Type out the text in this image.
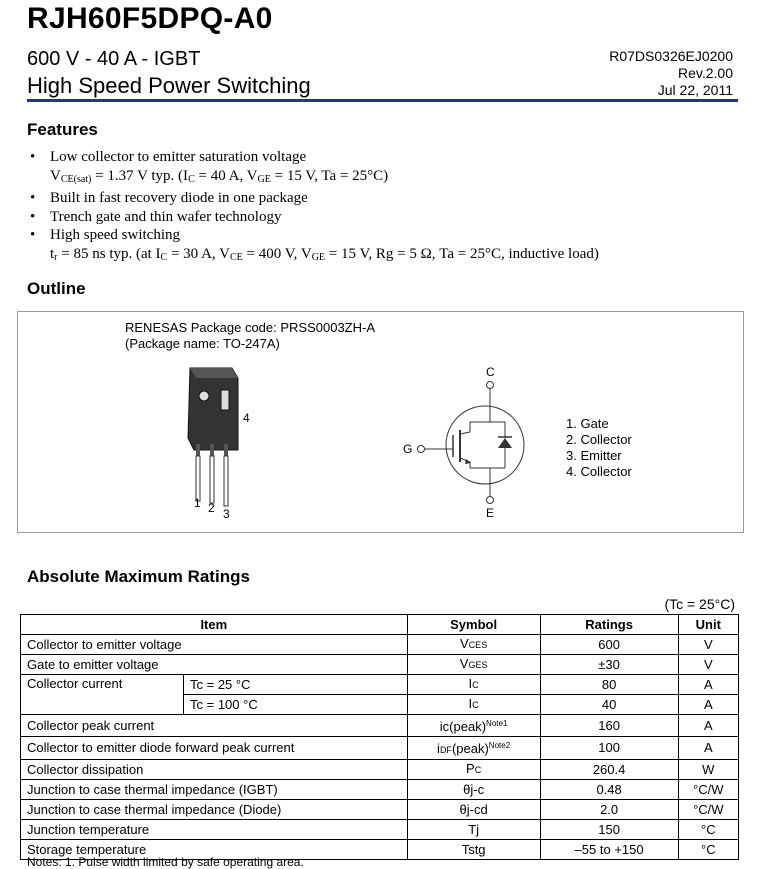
RJH60F5DPQ-A0
600 V - 40 A - IGBT
High Speed Power Switching
R07DS0326EJ0200
Rev.2.00
Jul 22, 2011
Features
• Low collector to emitter saturation voltage
$V_{CE(sat)} = 1.37$ V typ. ($I_C = 40$ A, $V_{GE} = 15$ V, Ta = 25°C)
• Built in fast recovery diode in one package
• Trench gate and thin wafer technology
• High speed switching
$t_r = 85$ ns typ. (at $I_C = 30$ A, $V_{CE} = 400$ V, $V_{GE} = 15$ V, Rg = 5 Ω, Ta = 25°C, inductive load)
Outline
RENESAS Package code: PRSS0003ZH-A
(Package name: TO-247A)
1 2 3
4
C
E
G
1. Gate
2. Collector
3. Emitter
4. Collector
Absolute Maximum Ratings
(Tc = 25°C)
Item		Symbol	Ratings	Unit
Collector to emitter voltage		VCES	600	V
Gate to emitter voltage		VGES	±30	V
Collector current	Tc = 25 °C	IC	80	A
	Tc = 100 °C	IC	40	A
Collector peak current		ic(peak)$^{Note1}$	160	A
Collector to emitter diode forward peak current		iDF(peak)$^{Note2}$	100	A
Collector dissipation		PC	260.4	W
Junction to case thermal impedance (IGBT)		θj-c	0.48	°C/W
Junction to case thermal impedance (Diode)		θj-cd	2.0	°C/W
Junction temperature		Tj	150	°C
Storage temperature		Tstg	–55 to +150	°C
Notes: 1. Pulse width limited by safe operating area.
